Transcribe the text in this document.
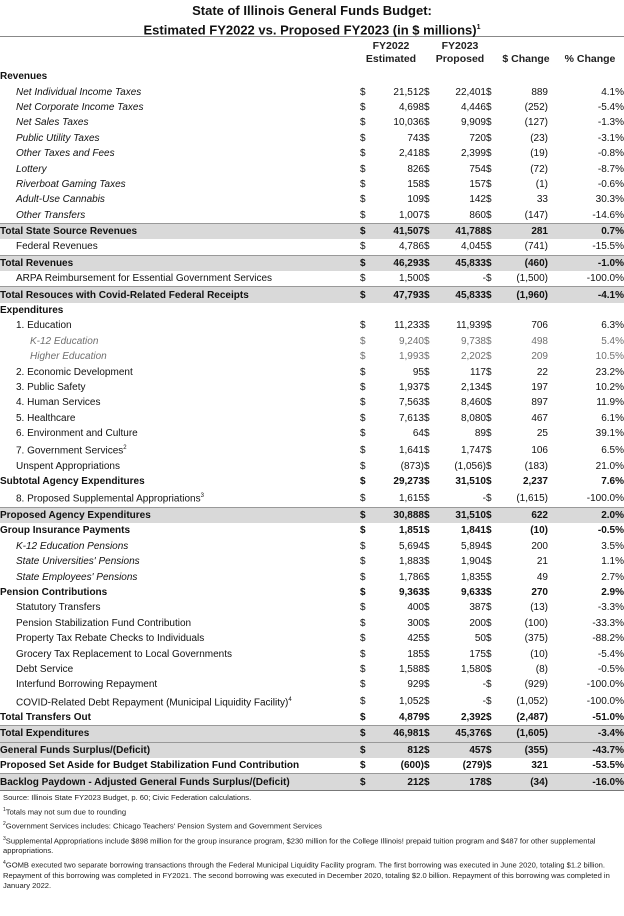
State of Illinois General Funds Budget:
Estimated FY2022 vs. Proposed FY2023 (in $ millions)$^1$
FY2022
Estimated
FY2023
Proposed	$ Change	% Change
Revenues							
Net Individual Income Taxes	$	21,512	$	22,401	$	889	4.1%
Net Corporate Income Taxes	$	4,698	$	4,446	$	(252)	-5.4%
Net Sales Taxes	$	10,036	$	9,909	$	(127)	-1.3%
Public Utility Taxes	$	743	$	720	$	(23)	-3.1%
Other Taxes and Fees	$	2,418	$	2,399	$	(19)	-0.8%
Lottery	$	826	$	754	$	(72)	-8.7%
Riverboat Gaming Taxes	$	158	$	157	$	(1)	-0.6%
Adult-Use Cannabis	$	109	$	142	$	33	30.3%
Other Transfers	$	1,007	$	860	$	(147)	-14.6%
Total State Source Revenues	$	41,507	$	41,788	$	281	0.7%
Federal Revenues	$	4,786	$	4,045	$	(741)	-15.5%
Total Revenues	$	46,293	$	45,833	$	(460)	-1.0%
ARPA Reimbursement for Essential Government Services	$	1,500	$	-	$	(1,500)	-100.0%
Total Resouces with Covid-Related Federal Receipts	$	47,793	$	45,833	$	(1,960)	-4.1%
Expenditures							
1. Education	$	11,233	$	11,939	$	706	6.3%
K-12 Education	$	9,240	$	9,738	$	498	5.4%
Higher Education	$	1,993	$	2,202	$	209	10.5%
2. Economic Development	$	95	$	117	$	22	23.2%
3. Public Safety	$	1,937	$	2,134	$	197	10.2%
4. Human Services	$	7,563	$	8,460	$	897	11.9%
5. Healthcare	$	7,613	$	8,080	$	467	6.1%
6. Environment and Culture	$	64	$	89	$	25	39.1%
7. Government Services$^2$	$	1,641	$	1,747	$	106	6.5%
Unspent Appropriations	$	(873)	$	(1,056)	$	(183)	21.0%
Subtotal Agency Expenditures	$	29,273	$	31,510	$	2,237	7.6%
8. Proposed Supplemental Appropriations$^3$	$	1,615	$	-	$	(1,615)	-100.0%
Proposed Agency Expenditures	$	30,888	$	31,510	$	622	2.0%
Group Insurance Payments	$	1,851	$	1,841	$	(10)	-0.5%
K-12 Education Pensions	$	5,694	$	5,894	$	200	3.5%
State Universities' Pensions	$	1,883	$	1,904	$	21	1.1%
State Employees' Pensions	$	1,786	$	1,835	$	49	2.7%
Pension Contributions	$	9,363	$	9,633	$	270	2.9%
Statutory Transfers	$	400	$	387	$	(13)	-3.3%
Pension Stabilization Fund Contribution	$	300	$	200	$	(100)	-33.3%
Property Tax Rebate Checks to Individuals	$	425	$	50	$	(375)	-88.2%
Grocery Tax Replacement to Local Governments	$	185	$	175	$	(10)	-5.4%
Debt Service	$	1,588	$	1,580	$	(8)	-0.5%
Interfund Borrowing Repayment	$	929	$	-	$	(929)	-100.0%
COVID-Related Debt Repayment (Municipal Liquidity Facility)$^4$	$	1,052	$	-	$	(1,052)	-100.0%
Total Transfers Out	$	4,879	$	2,392	$	(2,487)	-51.0%
Total Expenditures	$	46,981	$	45,376	$	(1,605)	-3.4%
General Funds Surplus/(Deficit)	$	812	$	457	$	(355)	-43.7%
Proposed Set Aside for Budget Stabilization Fund Contribution	$	(600)	$	(279)	$	321	-53.5%
Backlog Paydown - Adjusted General Funds Surplus/(Deficit)	$	212	$	178	$	(34)	-16.0%

Source: Illinois State FY2023 Budget, p. 60; Civic Federation calculations.

$^1$Totals may not sum due to rounding

$^2$Government Services includes: Chicago Teachers' Pension System and Government Services

$^3$Supplemental Appropriations include $898 million for the group insurance program, $230 million for the College Illinois! prepaid tuition program and $487 for other supplemental appropriations.

$^4$GOMB executed two separate borrowing transactions through the Federal Municipal Liquidity Facility program. The first borrowing was executed in June 2020, totaling $1.2 billion. Repayment of this borrowing was completed in FY2021. The second borrowing was executed in December 2020, totaling $2.0 billion. Repayment of this borrowing was completed in January 2022.
